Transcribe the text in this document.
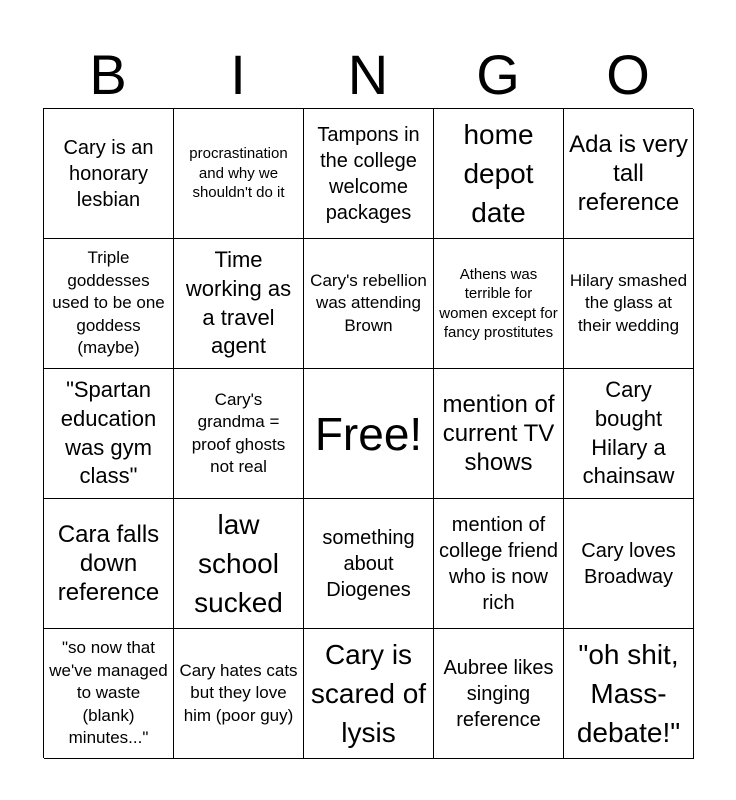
B	I	N	G	O
Cary is an honorary lesbian
procrastination and why we shouldn't do it
Tampons in the college welcome packages
home depot date
Ada is very tall reference
Triple goddesses used to be one goddess (maybe)
Time working as a travel agent
Cary's rebellion was attending Brown
Athens was terrible for women except for fancy prostitutes
Hilary smashed the glass at their wedding
"Spartan education was gym class"
Cary's grandma = proof ghosts not real
Free!
mention of current TV shows
Cary bought Hilary a chainsaw
Cara falls down reference
law school sucked
something about Diogenes
mention of college friend who is now rich
Cary loves Broadway
"so now that we've managed to waste (blank) minutes..."
Cary hates cats but they love him (poor guy)
Cary is scared of lysis
Aubree likes singing reference
"oh shit, Mass-debate!"
